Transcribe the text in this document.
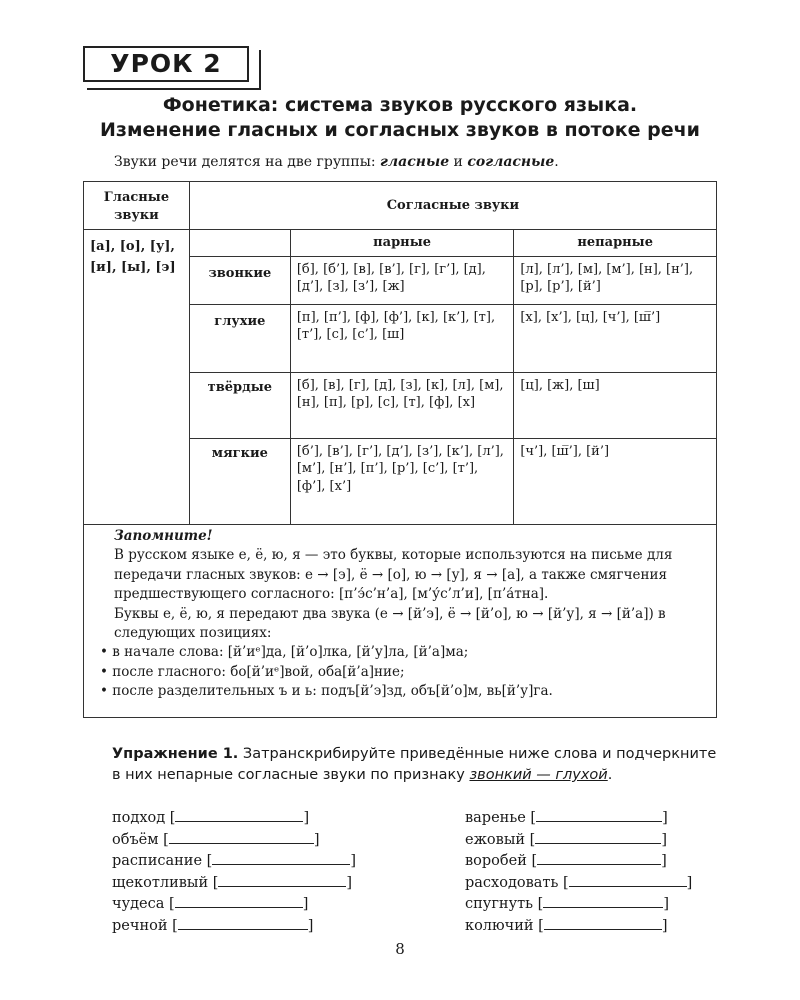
УРОК 2
Фонетика: система звуков русского языка.
Изменение гласных и согласных звуков в потоке речи
Звуки речи делятся на две группы: гласные и согласные.
Гласные звуки	Согласные звуки		
[а], [о], [у], [и], [ы], [э]		парные	непарные
	звонкие	[б], [б’], [в], [в’], [г], [г’], [д], [д’], [з], [з’], [ж]	[л], [л’], [м], [м’], [н], [н’], [р], [р’], [й’]
	глухие	[п], [п’], [ф], [ф’], [к], [к’], [т], [т’], [с], [с’], [ш]	[х], [х’], [ц], [ч’], [ш̅’]
	твёрдые	[б], [в], [г], [д], [з], [к], [л], [м], [н], [п], [р], [с], [т], [ф], [х]	[ц], [ж], [ш]
	мягкие	[б’], [в’], [г’], [д’], [з’], [к’], [л’], [м’], [н’], [п’], [р’], [с’], [т’], [ф’], [х’]	[ч’], [ш̅’], [й’]

Запомните!

В русском языке е, ё, ю, я — это буквы, которые используются на письме для передачи гласных звуков: е → [э], ё → [о], ю → [у], я → [а], а также смягчения предшествующего согласного: [п’э́с’н’а], [м’у́с’л’и], [п’а́тна].

Буквы е, ё, ю, я передают два звука (е → [й’э], ё → [й’о], ю → [й’у], я → [й’а]) в следующих позициях:

• в начале слова: [й’иᵉ]да, [й’о]лка, [й’у]ла, [й’а]ма;

• после гласного: бо[й’иᵉ]вой, оба[й’а]ние;

• после разделительных ъ и ь: подъ[й’э]зд, объ[й’о]м, вь[й’у]га.

Упражнение 1. Затранскрибируйте приведённые ниже слова и подчеркните в них непарные согласные звуки по признаку звонкий — глухой.
подход [	]
объём [	]
расписание [	]
щекотливый [	]
чудеса [	]
речной [	]
варенье [	]
ежовый [	]
воробей [	]
расходовать [	]
спугнуть [	]
колючий [	]
8
